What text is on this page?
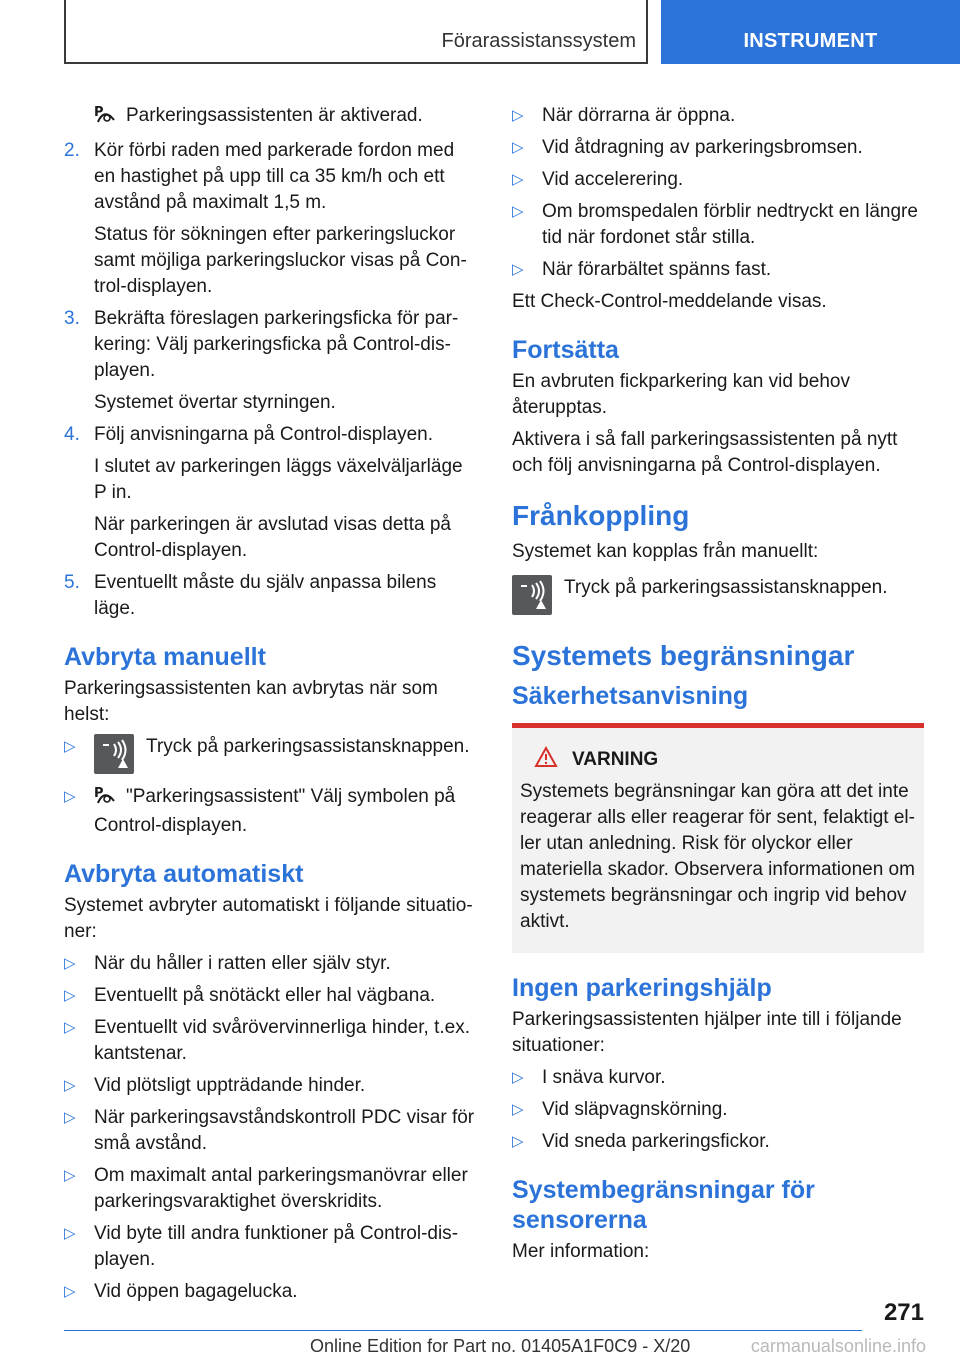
Förarassistanssystem	INSTRUMENT

P Parkeringsassistenten är aktiverad.

2. Kör förbi raden med parkerade fordon med en hastighet på upp till ca 35 km/h och ett avstånd på maximalt 1,5 m.

Status för sökningen efter parkeringsluckor samt möjliga parkeringsluckor visas på Control-displayen.

3. Bekräfta föreslagen parkeringsficka för parkering: Välj parkeringsficka på Control-displayen.

Systemet övertar styrningen.

4. Följ anvisningarna på Control-displayen.

I slutet av parkeringen läggs växelväljarläge P in.

När parkeringen är avslutad visas detta på Control-displayen.

5. Eventuellt måste du själv anpassa bilens läge.

Avbryta manuellt

Parkeringsassistenten kan avbrytas när som helst:

▷	Tryck på parkeringsassistansknappen.
▷ P "Parkeringsassistent" Välj symbolen på Control-displayen.
Avbryta automatiskt

Systemet avbryter automatiskt i följande situationer:

▷ När du håller i ratten eller själv styr.
▷ Eventuellt på snötäckt eller hal vägbana.
▷ Eventuellt vid svårövervinnerliga hinder, t.ex. kantstenar.
▷ Vid plötsligt uppträdande hinder.
▷ När parkeringsavståndskontroll PDC visar för små avstånd.
▷ Om maximalt antal parkeringsmanövrar eller parkeringsvaraktighet överskridits.
▷ Vid byte till andra funktioner på Control-displayen.
▷ Vid öppen bagagelucka.
▷ När dörrarna är öppna.
▷ Vid åtdragning av parkeringsbromsen.
▷ Vid accelerering.
▷ Om bromspedalen förblir nedtryckt en längre tid när fordonet står stilla.
▷ När förarbältet spänns fast.

Ett Check-Control-meddelande visas.

Fortsätta

En avbruten fickparkering kan vid behov återupptas.

Aktivera i så fall parkeringsassistenten på nytt och följ anvisningarna på Control-displayen.

Frånkoppling

Systemet kan kopplas från manuellt:

Tryck på parkeringsassistansknappen.
Systemets begränsningar
Säkerhetsanvisning
VARNING

Systemets begränsningar kan göra att det inte reagerar alls eller reagerar för sent, felaktigt eller utan anledning. Risk för olyckor eller materiella skador. Observera informationen om systemets begränsningar och ingrip vid behov aktivt.

Ingen parkeringshjälp

Parkeringsassistenten hjälper inte till i följande situationer:

▷ I snäva kurvor.
▷ Vid släpvagnskörning.
▷ Vid sneda parkeringsfickor.
Systembegränsningar för sensorerna

Mer information:

271
Online Edition for Part no. 01405A1F0C9 - X/20	carmanualsonline.info
